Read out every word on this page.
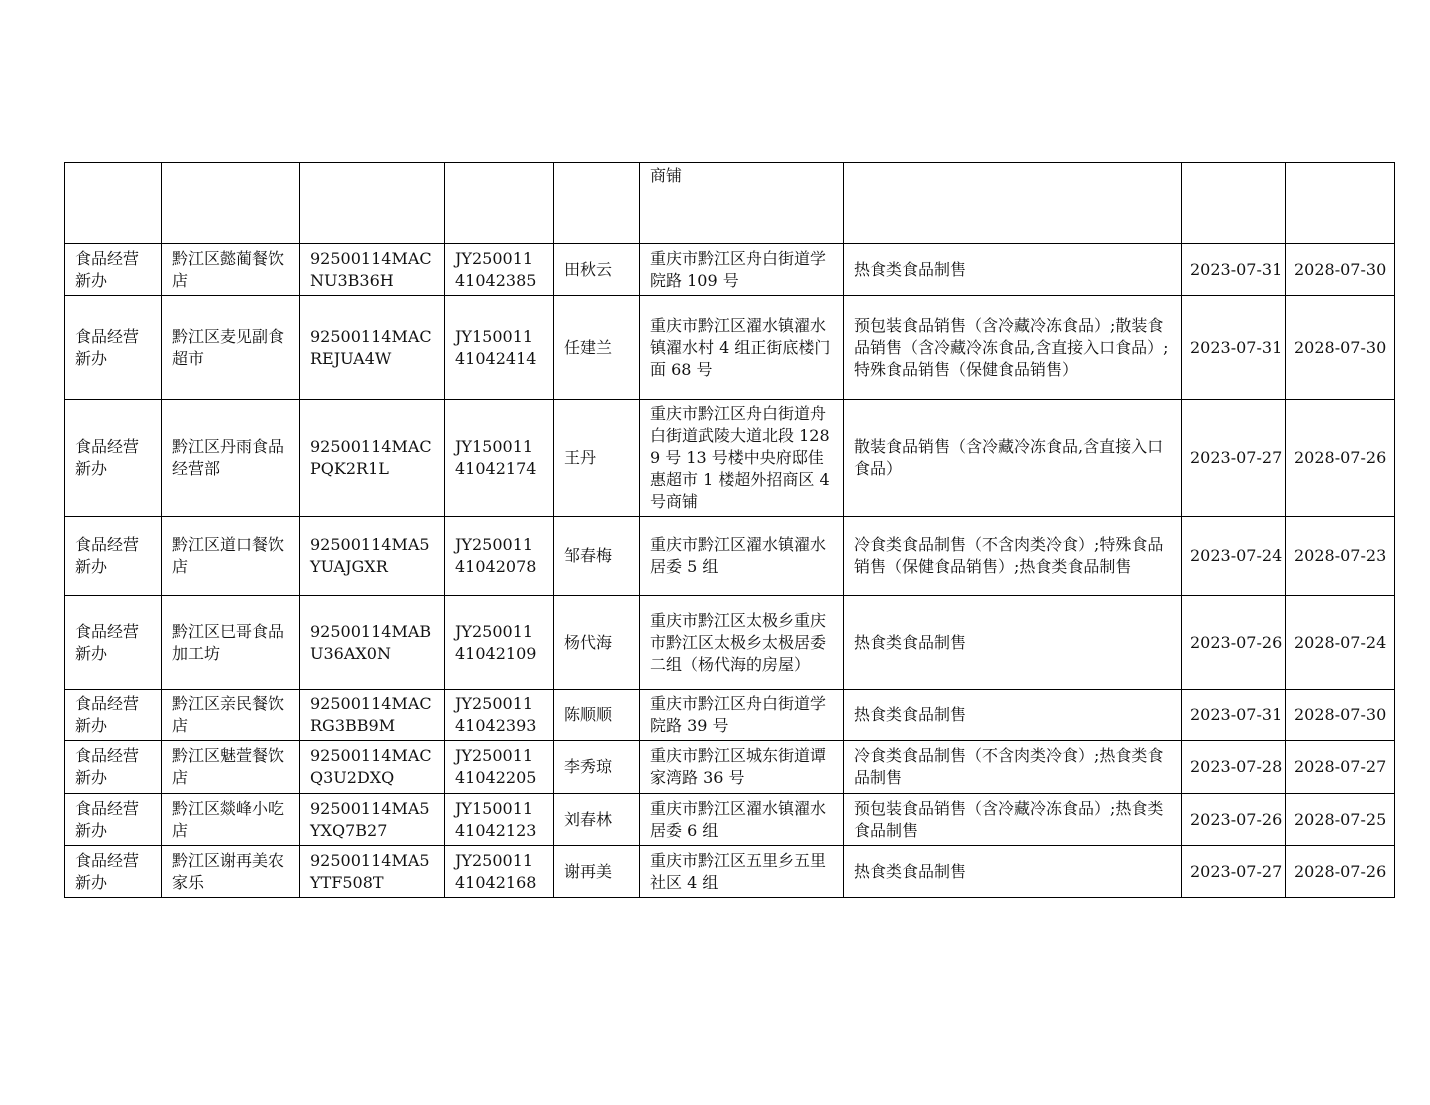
					商铺			
食品经营新办	黔江区懿蔺餐饮店	92500114MACNU3B36H	JY25001141042385	田秋云	重庆市黔江区舟白街道学院路 109 号	热食类食品制售	2023-07-31	2028-07-30
食品经营新办	黔江区麦见副食超市	92500114MACREJUA4W	JY15001141042414	任建兰	重庆市黔江区濯水镇濯水镇濯水村 4 组正街底楼门面 68 号	预包装食品销售（含冷藏冷冻食品）;散装食品销售（含冷藏冷冻食品,含直接入口食品）;特殊食品销售（保健食品销售）	2023-07-31	2028-07-30
食品经营新办	黔江区丹雨食品经营部	92500114MACPQK2R1L	JY15001141042174	王丹	重庆市黔江区舟白街道舟白街道武陵大道北段 1289 号 13 号楼中央府邸佳惠超市 1 楼超外招商区 4 号商铺	散装食品销售（含冷藏冷冻食品,含直接入口食品）	2023-07-27	2028-07-26
食品经营新办	黔江区道口餐饮店	92500114MA5YUAJGXR	JY25001141042078	邹春梅	重庆市黔江区濯水镇濯水居委 5 组	冷食类食品制售（不含肉类冷食）;特殊食品销售（保健食品销售）;热食类食品制售	2023-07-24	2028-07-23
食品经营新办	黔江区巳哥食品加工坊	92500114MABU36AX0N	JY25001141042109	杨代海	重庆市黔江区太极乡重庆市黔江区太极乡太极居委二组（杨代海的房屋）	热食类食品制售	2023-07-26	2028-07-24
食品经营新办	黔江区亲民餐饮店	92500114MACRG3BB9M	JY25001141042393	陈顺顺	重庆市黔江区舟白街道学院路 39 号	热食类食品制售	2023-07-31	2028-07-30
食品经营新办	黔江区魅萱餐饮店	92500114MACQ3U2DXQ	JY25001141042205	李秀琼	重庆市黔江区城东街道谭家湾路 36 号	冷食类食品制售（不含肉类冷食）;热食类食品制售	2023-07-28	2028-07-27
食品经营新办	黔江区燚峰小吃店	92500114MA5YXQ7B27	JY15001141042123	刘春林	重庆市黔江区濯水镇濯水居委 6 组	预包装食品销售（含冷藏冷冻食品）;热食类食品制售	2023-07-26	2028-07-25
食品经营新办	黔江区谢再美农家乐	92500114MA5YTF508T	JY25001141042168	谢再美	重庆市黔江区五里乡五里社区 4 组	热食类食品制售	2023-07-27	2028-07-26
